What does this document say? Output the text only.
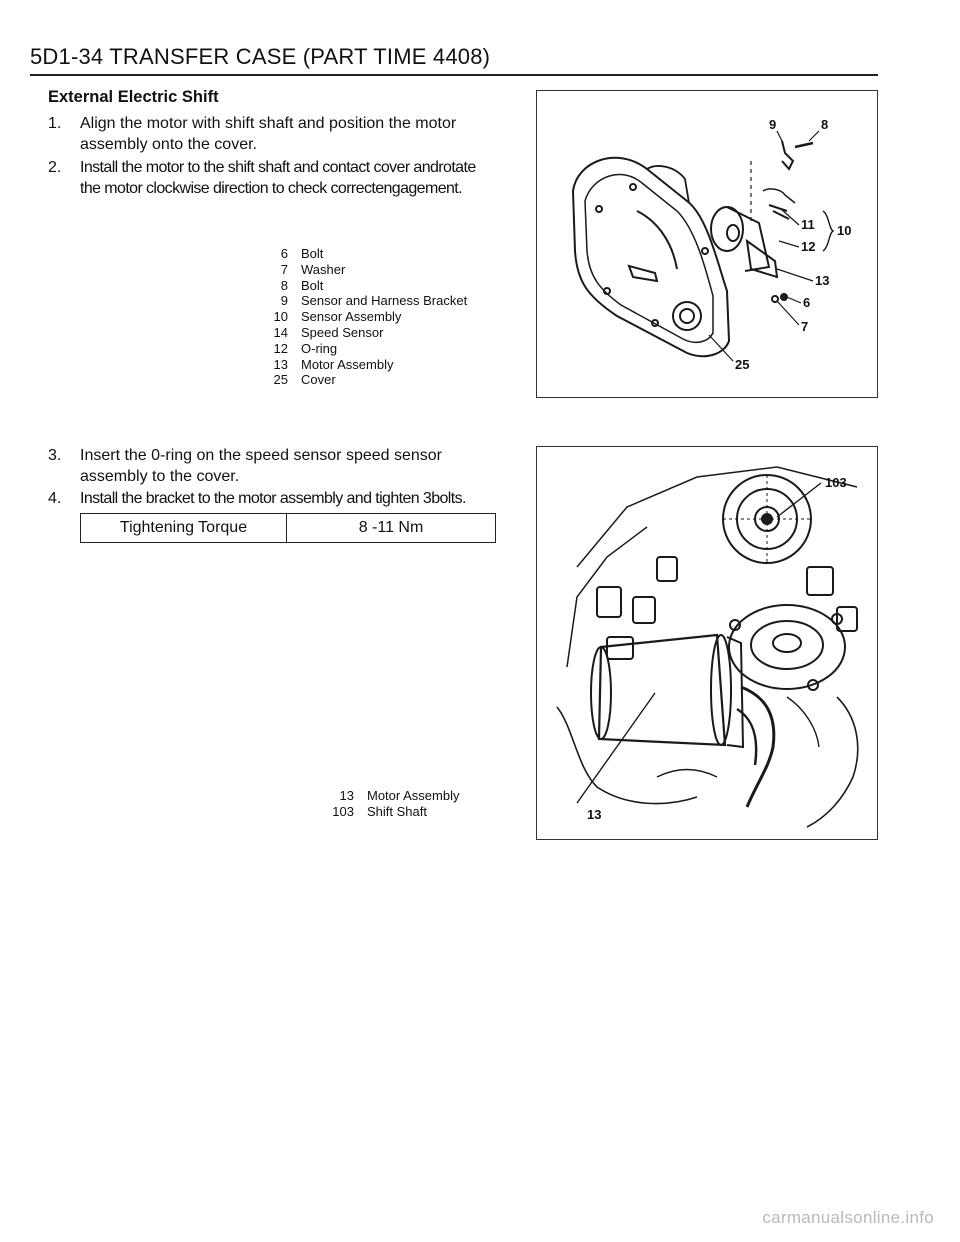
5D1-34 TRANSFER CASE (PART TIME 4408)
External Electric Shift
1.	Align the motor with shift shaft and position the motor assembly onto the cover.
2.	Install the motor to the shift shaft and contact cover androtate the motor clockwise direction to check correctengagement.
6 Bolt
7 Washer
8 Bolt
9 Sensor and Harness Bracket
10 Sensor Assembly
14 Speed Sensor
12 O-ring
13 Motor Assembly
25 Cover
3.	Insert the 0-ring on the speed sensor speed sensor assembly to the cover.
4.	Install the bracket to the motor assembly and tighten 3bolts.
Tightening Torque	8 -11 Nm
13 Motor Assembly
103 Shift Shaft
9	8
11
12
10
13
6
7
25
103
13
carmanualsonline.info
